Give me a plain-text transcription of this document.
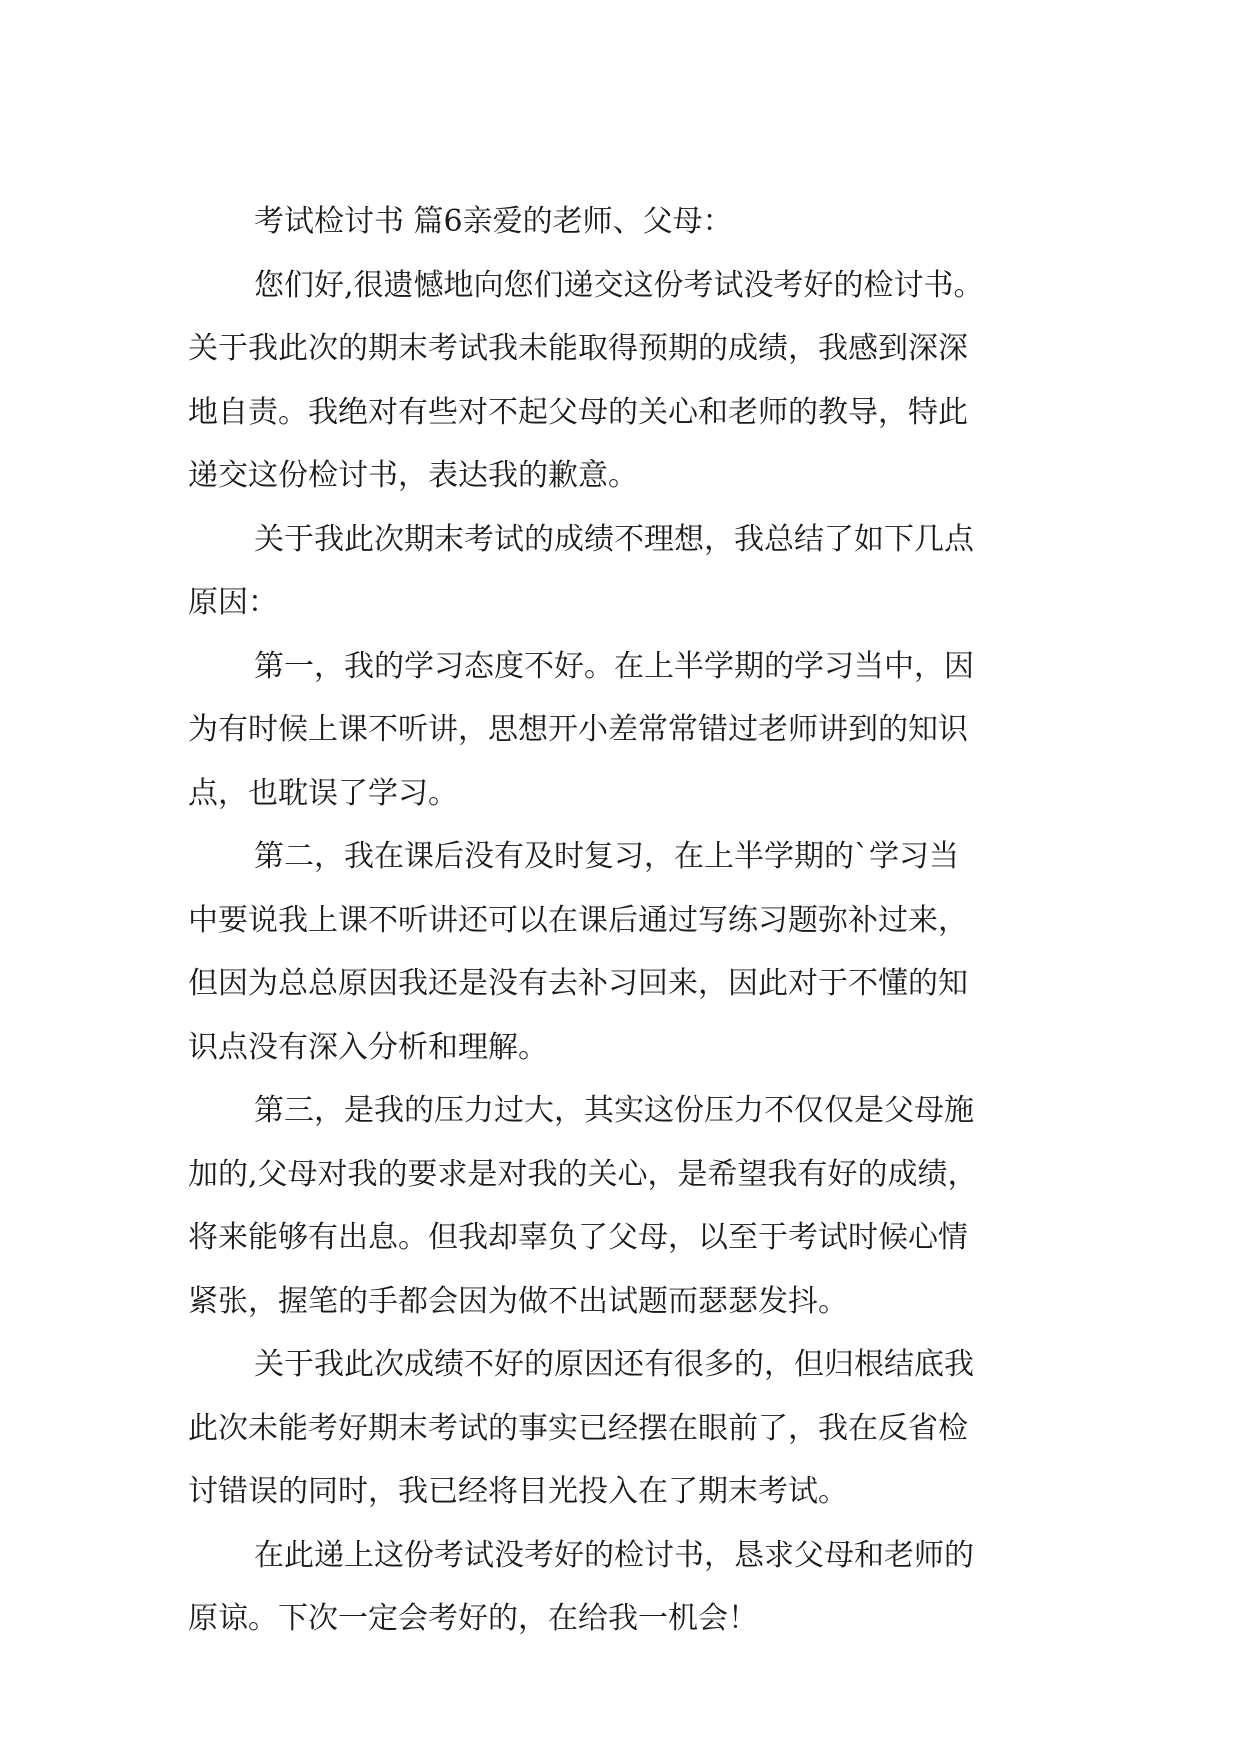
考试检讨书 篇6亲爱的老师、父母：

您们好,很遗憾地向您们递交这份考试没考好的检讨书。
关于我此次的期末考试我未能取得预期的成绩，我感到深深
地自责。我绝对有些对不起父母的关心和老师的教导，特此
递交这份检讨书，表达我的歉意。

关于我此次期末考试的成绩不理想，我总结了如下几点
原因：

第一，我的学习态度不好。在上半学期的学习当中，因
为有时候上课不听讲，思想开小差常常错过老师讲到的知识
点，也耽误了学习。

第二，我在课后没有及时复习，在上半学期的`学习当
中要说我上课不听讲还可以在课后通过写练习题弥补过来，
但因为总总原因我还是没有去补习回来，因此对于不懂的知
识点没有深入分析和理解。

第三，是我的压力过大，其实这份压力不仅仅是父母施
加的,父母对我的要求是对我的关心，是希望我有好的成绩，
将来能够有出息。但我却辜负了父母，以至于考试时候心情
紧张，握笔的手都会因为做不出试题而瑟瑟发抖。

关于我此次成绩不好的原因还有很多的，但归根结底我
此次未能考好期末考试的事实已经摆在眼前了，我在反省检
讨错误的同时，我已经将目光投入在了期末考试。

在此递上这份考试没考好的检讨书，恳求父母和老师的
原谅。下次一定会考好的，在给我一机会！
